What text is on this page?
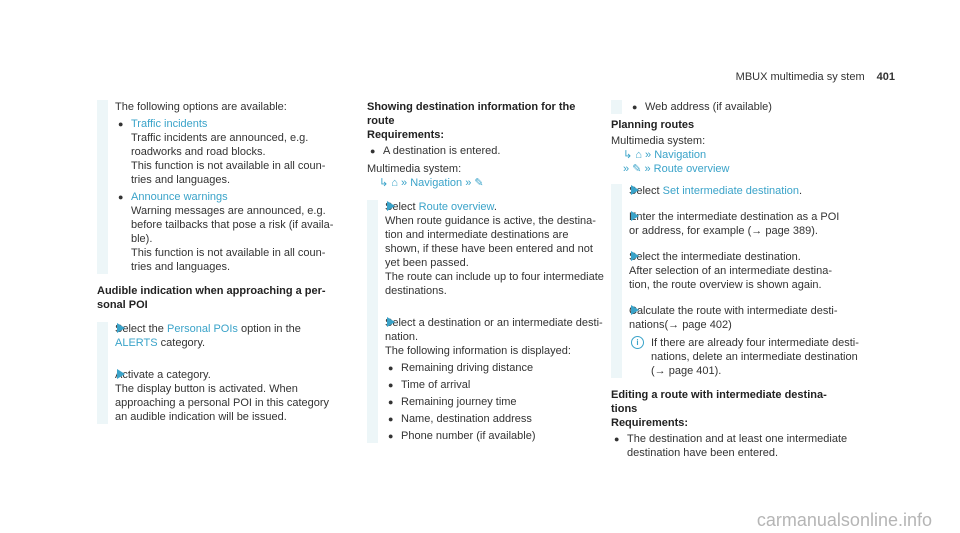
MBUX multimedia sy stem 401

The following options are available:

● Traffic incidents
Traffic incidents are announced, e.g.
roadworks and road blocks.
This function is not available in all coun-
tries and languages.
● Announce warnings
Warning messages are announced, e.g.
before tailbacks that pose a risk (if availa-
ble).
This function is not available in all coun-
tries and languages.
Audible indication when approaching a per-
sonal POI
Select the Personal POIs option in the
ALERTS category.
Activate a category.
The display button is activated. When
approaching a personal POI in this category
an audible indication will be issued.
Showing destination information for the
route
Requirements:
● A destination is entered.

Multimedia system:

↳ ⌂ » Navigation » ✎
Select Route overview.
When route guidance is active, the destina-
tion and intermediate destinations are
shown, if these have been entered and not
yet been passed.
The route can include up to four intermediate
destinations.
Select a destination or an intermediate desti-
nation.
The following information is displayed:
● Remaining driving distance
● Time of arrival
● Remaining journey time
● Name, destination address
● Phone number (if available)
● Web address (if available)
Planning routes

Multimedia system:

↳ ⌂ » Navigation
» ✎ » Route overview
Select Set intermediate destination.
Enter the intermediate destination as a POI
or address, for example (→ page 389).
Select the intermediate destination.
After selection of an intermediate destina-
tion, the route overview is shown again.
Calculate the route with intermediate desti-
nations(→ page 402)
i	If there are already four intermediate desti-
nations, delete an intermediate destination
(→ page 401).
Editing a route with intermediate destina-
tions
Requirements:
● The destination and at least one intermediate
destination have been entered.
carmanualsonline.info
